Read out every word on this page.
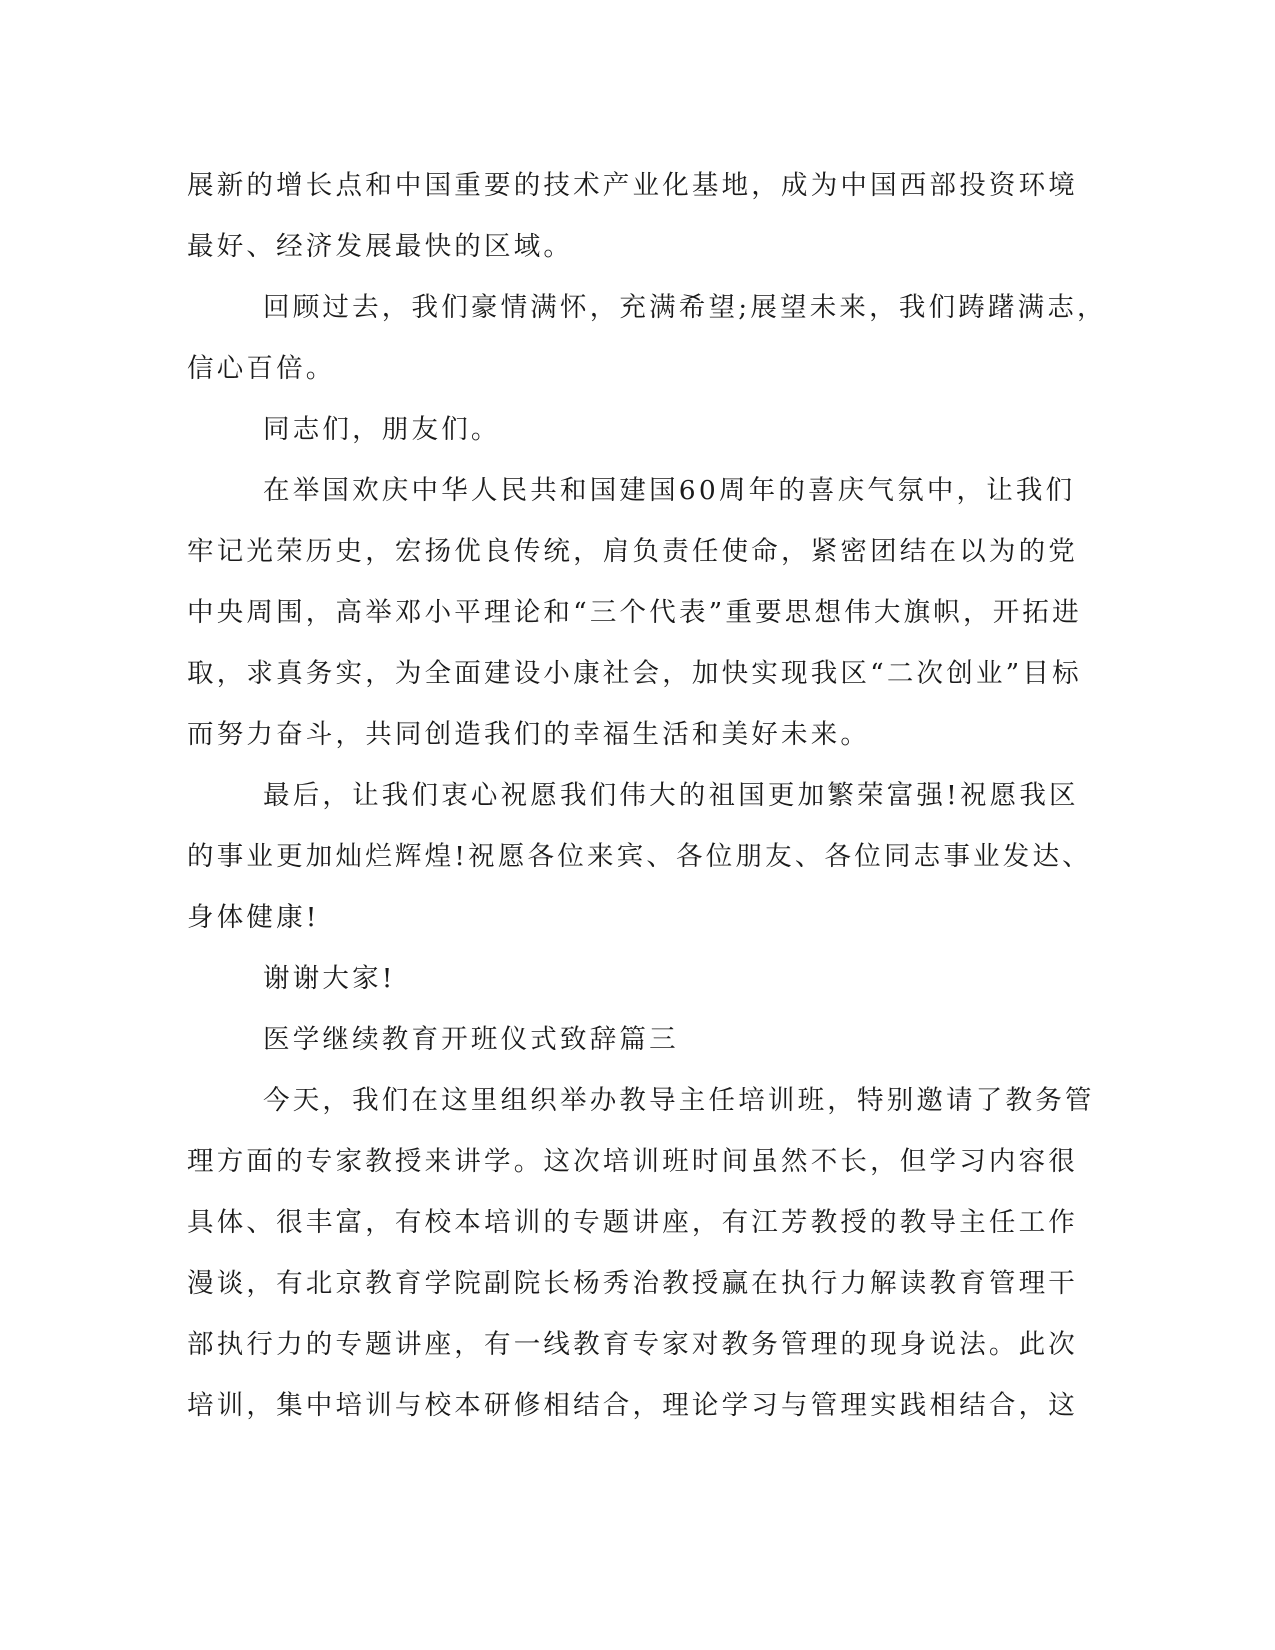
展新的增长点和中国重要的技术产业化基地，成为中国西部投资环境
最好、经济发展最快的区域。
回顾过去，我们豪情满怀，充满希望;展望未来，我们踌躇满志，
信心百倍。
同志们，朋友们。
在举国欢庆中华人民共和国建国60周年的喜庆气氛中，让我们
牢记光荣历史，宏扬优良传统，肩负责任使命，紧密团结在以为的党
中央周围，高举邓小平理论和“三个代表”重要思想伟大旗帜，开拓进
取，求真务实，为全面建设小康社会，加快实现我区“二次创业”目标
而努力奋斗，共同创造我们的幸福生活和美好未来。
最后，让我们衷心祝愿我们伟大的祖国更加繁荣富强!祝愿我区
的事业更加灿烂辉煌!祝愿各位来宾、各位朋友、各位同志事业发达、
身体健康!
谢谢大家!
医学继续教育开班仪式致辞篇三
今天，我们在这里组织举办教导主任培训班，特别邀请了教务管
理方面的专家教授来讲学。这次培训班时间虽然不长，但学习内容很
具体、很丰富，有校本培训的专题讲座，有江芳教授的教导主任工作
漫谈，有北京教育学院副院长杨秀治教授赢在执行力解读教育管理干
部执行力的专题讲座，有一线教育专家对教务管理的现身说法。此次
培训，集中培训与校本研修相结合，理论学习与管理实践相结合，这
